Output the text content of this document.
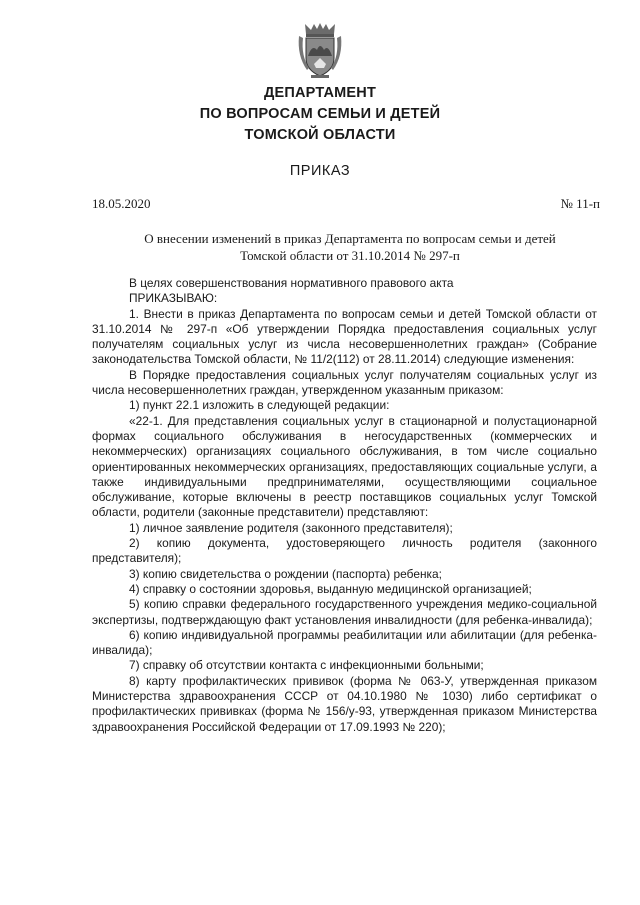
ДЕПАРТАМЕНТ
ПО ВОПРОСАМ СЕМЬИ И ДЕТЕЙ
ТОМСКОЙ ОБЛАСТИ
ПРИКАЗ
18.05.2020	№ 11-п
О внесении изменений в приказ Департамента по вопросам семьи и детей
Томской области от 31.10.2014 № 297-п

В целях совершенствования нормативного правового акта

ПРИКАЗЫВАЮ:

1. Внести в приказ Департамента по вопросам семьи и детей Томской области от 31.10.2014 № 297-п «Об утверждении Порядка предоставления социальных услуг получателям социальных услуг из числа несовершеннолетних граждан» (Собрание законодательства Томской области, № 11/2(112) от 28.11.2014) следующие изменения:

В Порядке предоставления социальных услуг получателям социальных услуг из числа несовершеннолетних граждан, утвержденном указанным приказом:

1) пункт 22.1 изложить в следующей редакции:

«22-1. Для представления социальных услуг в стационарной и полустационарной формах социального обслуживания в негосударственных (коммерческих и некоммерческих) организациях социального обслуживания, в том числе социально ориентированных некоммерческих организациях, предоставляющих социальные услуги, а также индивидуальными предпринимателями, осуществляющими социальное обслуживание, которые включены в реестр поставщиков социальных услуг Томской области, родители (законные представители) представляют:

1) личное заявление родителя (законного представителя);

2) копию документа, удостоверяющего личность родителя (законного представителя);

3) копию свидетельства о рождении (паспорта) ребенка;

4) справку о состоянии здоровья, выданную медицинской организацией;

5) копию справки федерального государственного учреждения медико-социальной экспертизы, подтверждающую факт установления инвалидности (для ребенка-инвалида);

6) копию индивидуальной программы реабилитации или абилитации (для ребенка-инвалида);

7) справку об отсутствии контакта с инфекционными больными;

8) карту профилактических прививок (форма № 063-У, утвержденная приказом Министерства здравоохранения СССР от 04.10.1980 № 1030) либо сертификат о профилактических прививках (форма № 156/у-93, утвержденная приказом Министерства здравоохранения Российской Федерации от 17.09.1993 № 220);
